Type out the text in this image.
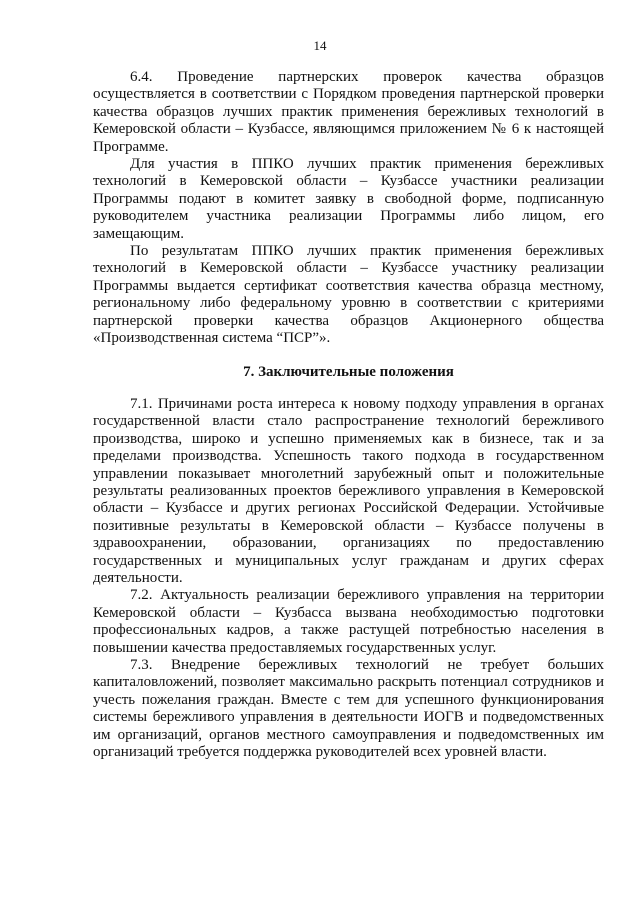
14

6.4. Проведение партнерских проверок качества образцов осуществляется в соответствии с Порядком проведения партнерской проверки качества образцов лучших практик применения бережливых технологий в Кемеровской области – Кузбассе, являющимся приложением № 6 к настоящей Программе.

Для участия в ППКО лучших практик применения бережливых технологий в Кемеровской области – Кузбассе участники реализации Программы подают в комитет заявку в свободной форме, подписанную руководителем участника реализации Программы либо лицом, его замещающим.

По результатам ППКО лучших практик применения бережливых технологий в Кемеровской области – Кузбассе участнику реализации Программы выдается сертификат соответствия качества образца местному, региональному либо федеральному уровню в соответствии с критериями партнерской проверки качества образцов Акционерного общества «Производственная система “ПСР”».

7. Заключительные положения

7.1. Причинами роста интереса к новому подходу управления в органах государственной власти стало распространение технологий бережливого производства, широко и успешно применяемых как в бизнесе, так и за пределами производства. Успешность такого подхода в государственном управлении показывает многолетний зарубежный опыт и положительные результаты реализованных проектов бережливого управления в Кемеровской области – Кузбассе и других регионах Российской Федерации. Устойчивые позитивные результаты в Кемеровской области – Кузбассе получены в здравоохранении, образовании, организациях по предоставлению государственных и муниципальных услуг гражданам и других сферах деятельности.

7.2. Актуальность реализации бережливого управления на территории Кемеровской области – Кузбасса вызвана необходимостью подготовки профессиональных кадров, а также растущей потребностью населения в повышении качества предоставляемых государственных услуг.

7.3. Внедрение бережливых технологий не требует больших капиталовложений, позволяет максимально раскрыть потенциал сотрудников и учесть пожелания граждан. Вместе с тем для успешного функционирования системы бережливого управления в деятельности ИОГВ и подведомственных им организаций, органов местного самоуправления и подведомственных им организаций требуется поддержка руководителей всех уровней власти.
